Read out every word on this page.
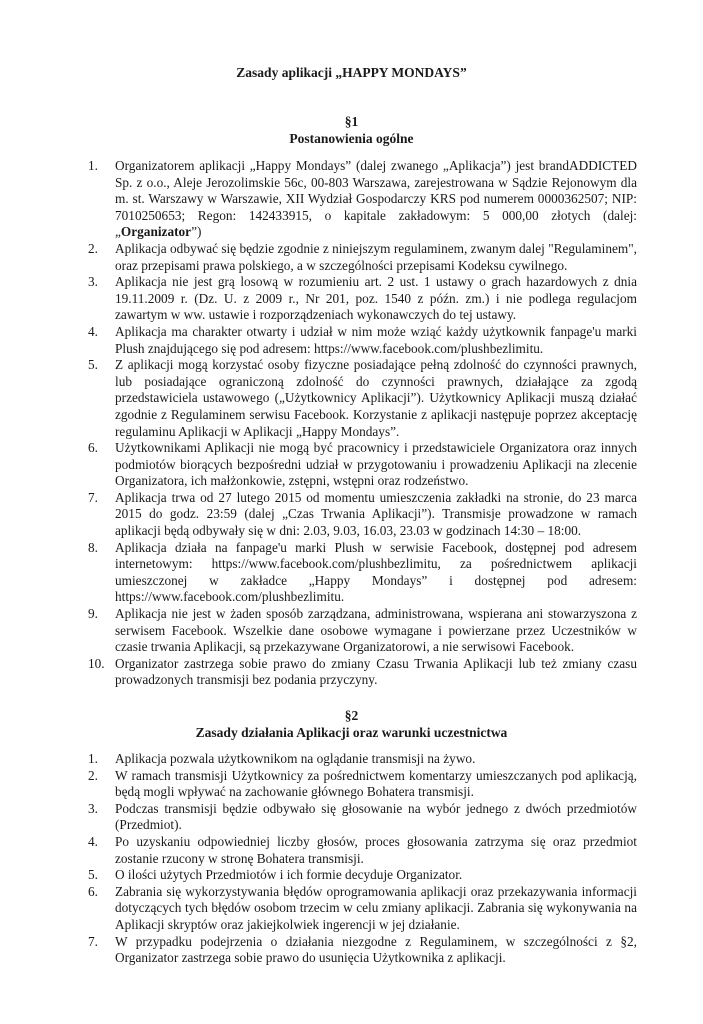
Zasady aplikacji „HAPPY MONDAYS”
§1
Postanowienia ogólne
1.	Organizatorem aplikacji „Happy Mondays” (dalej zwanego „Aplikacja”) jest brandADDICTED Sp. z o.o., Aleje Jerozolimskie 56c, 00-803 Warszawa, zarejestrowana w Sądzie Rejonowym dla m. st. Warszawy w Warszawie, XII Wydział Gospodarczy KRS pod numerem 0000362507; NIP: 7010250653; Regon: 142433915, o kapitale zakładowym: 5 000,00 złotych (dalej: „Organizator”)
2.	Aplikacja odbywać się będzie zgodnie z niniejszym regulaminem, zwanym dalej "Regulaminem", oraz przepisami prawa polskiego, a w szczególności przepisami Kodeksu cywilnego.
3.	Aplikacja nie jest grą losową w rozumieniu art. 2 ust. 1 ustawy o grach hazardowych z dnia 19.11.2009 r. (Dz. U. z 2009 r., Nr 201, poz. 1540 z późn. zm.) i nie podlega regulacjom zawartym w ww. ustawie i rozporządzeniach wykonawczych do tej ustawy.
4.	Aplikacja ma charakter otwarty i udział w nim może wziąć każdy użytkownik fanpage'u marki Plush znajdującego się pod adresem: https://www.facebook.com/plushbezlimitu.
5.	Z aplikacji mogą korzystać osoby fizyczne posiadające pełną zdolność do czynności prawnych, lub posiadające ograniczoną zdolność do czynności prawnych, działające za zgodą przedstawiciela ustawowego („Użytkownicy Aplikacji”). Użytkownicy Aplikacji muszą działać zgodnie z Regulaminem serwisu Facebook. Korzystanie z aplikacji następuje poprzez akceptację regulaminu Aplikacji w Aplikacji „Happy Mondays”.
6.	Użytkownikami Aplikacji nie mogą być pracownicy i przedstawiciele Organizatora oraz innych podmiotów biorących bezpośredni udział w przygotowaniu i prowadzeniu Aplikacji na zlecenie Organizatora, ich małżonkowie, zstępni, wstępni oraz rodzeństwo.
7.	Aplikacja trwa od 27 lutego 2015 od momentu umieszczenia zakładki na stronie, do 23 marca 2015 do godz. 23:59 (dalej „Czas Trwania Aplikacji”). Transmisje prowadzone w ramach aplikacji będą odbywały się w dni: 2.03, 9.03, 16.03, 23.03 w godzinach 14:30 – 18:00.
8.	Aplikacja działa na fanpage'u marki Plush w serwisie Facebook, dostępnej pod adresem internetowym: https://www.facebook.com/plushbezlimitu, za pośrednictwem aplikacji umieszczonej w zakładce „Happy Mondays” i dostępnej pod adresem: https://www.facebook.com/plushbezlimitu.
9.	Aplikacja nie jest w żaden sposób zarządzana, administrowana, wspierana ani stowarzyszona z serwisem Facebook. Wszelkie dane osobowe wymagane i powierzane przez Uczestników w czasie trwania Aplikacji, są przekazywane Organizatorowi, a nie serwisowi Facebook.
10. Organizator zastrzega sobie prawo do zmiany Czasu Trwania Aplikacji lub też zmiany czasu prowadzonych transmisji bez podania przyczyny.
§2
Zasady działania Aplikacji oraz warunki uczestnictwa
1.	Aplikacja pozwala użytkownikom na oglądanie transmisji na żywo.
2.	W ramach transmisji Użytkownicy za pośrednictwem komentarzy umieszczanych pod aplikacją, będą mogli wpływać na zachowanie głównego Bohatera transmisji.
3.	Podczas transmisji będzie odbywało się głosowanie na wybór jednego z dwóch przedmiotów (Przedmiot).
4.	Po uzyskaniu odpowiedniej liczby głosów, proces głosowania zatrzyma się oraz przedmiot zostanie rzucony w stronę Bohatera transmisji.
5.	O ilości użytych Przedmiotów i ich formie decyduje Organizator.
6.	Zabrania się wykorzystywania błędów oprogramowania aplikacji oraz przekazywania informacji dotyczących tych błędów osobom trzecim w celu zmiany aplikacji. Zabrania się wykonywania na Aplikacji skryptów oraz jakiejkolwiek ingerencji w jej działanie.
7.	W przypadku podejrzenia o działania niezgodne z Regulaminem, w szczególności z §2, Organizator zastrzega sobie prawo do usunięcia Użytkownika z aplikacji.
